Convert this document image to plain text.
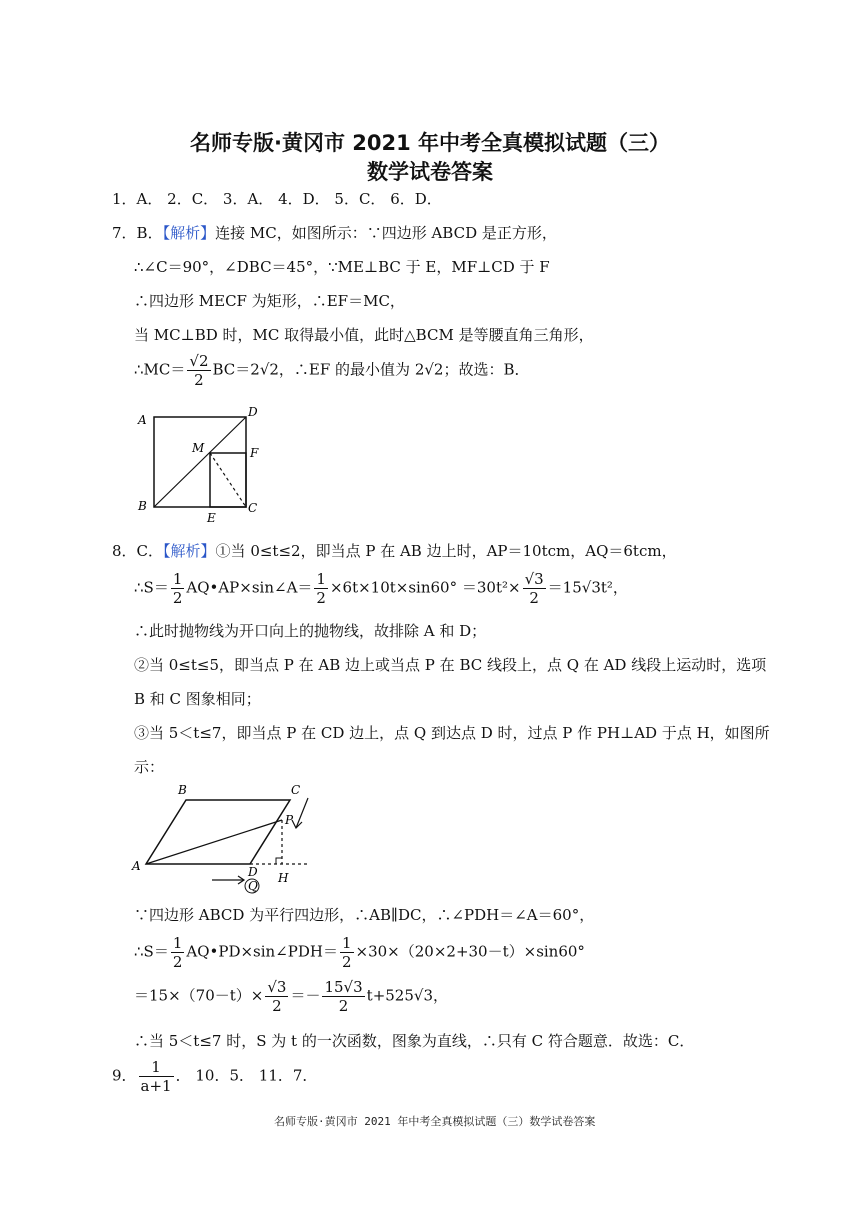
名师专版·黄冈市 2021 年中考全真模拟试题（三）
数学试卷答案
1．A． 2．C． 3．A． 4．D． 5．C． 6．D．
7．B．【解析】连接 MC，如图所示：∵四边形 ABCD 是正方形，
∴∠C＝90°，∠DBC＝45°，∵ME⊥BC 于 E，MF⊥CD 于 F
∴四边形 MECF 为矩形，∴EF＝MC，
当 MC⊥BD 时，MC 取得最小值，此时△BCM 是等腰直角三角形，
∴MC＝ $\frac{√2}{2} BC=2√2$，∴EF 的最小值为 2√2；故选：B．
A
D
M	F
B
E
C
8．C．【解析】①当 0≤t≤2，即当点 P 在 AB 边上时，AP＝10tcm，AQ＝6tcm，
∴S＝ $\frac{1}{2}$ AQ•AP×sin∠A＝ $\frac{1}{2} \times 6t\times 10t\times\sin 60^\circ =30t^2\times \frac{√3}{2} =15√3t^2$，
∴此时抛物线为开口向上的抛物线，故排除 A 和 D；
②当 0≤t≤5，即当点 P 在 AB 边上或当点 P 在 BC 线段上，点 Q 在 AD 线段上运动时，选项
B 和 C 图象相同；
③当 5＜t≤7，即当点 P 在 CD 边上，点 Q 到达点 D 时，过点 P 作 PH⊥AD 于点 H，如图所
示：
B	C
P
A	D H
Q
∵四边形 ABCD 为平行四边形，∴AB∥DC，∴∠PDH＝∠A＝60°，
∴S＝ $\frac{1}{2}$ AQ•PD×sin∠PDH＝ $\frac{1}{2} \times 30\times(20\times 2+30-t)\times\sin 60^\circ$
$=15\times(70-t)\times \frac{√3}{2} =- \frac{15√3}{2} t+525√3$，
∴当 5＜t≤7 时，S 为 t 的一次函数，图象为直线，∴只有 C 符合题意．故选：C．
9． $\frac{1}{a+1}$ ． 10．5． 11．7．
名师专版·黄冈市 2021 年中考全真模拟试题（三）数学试卷答案
